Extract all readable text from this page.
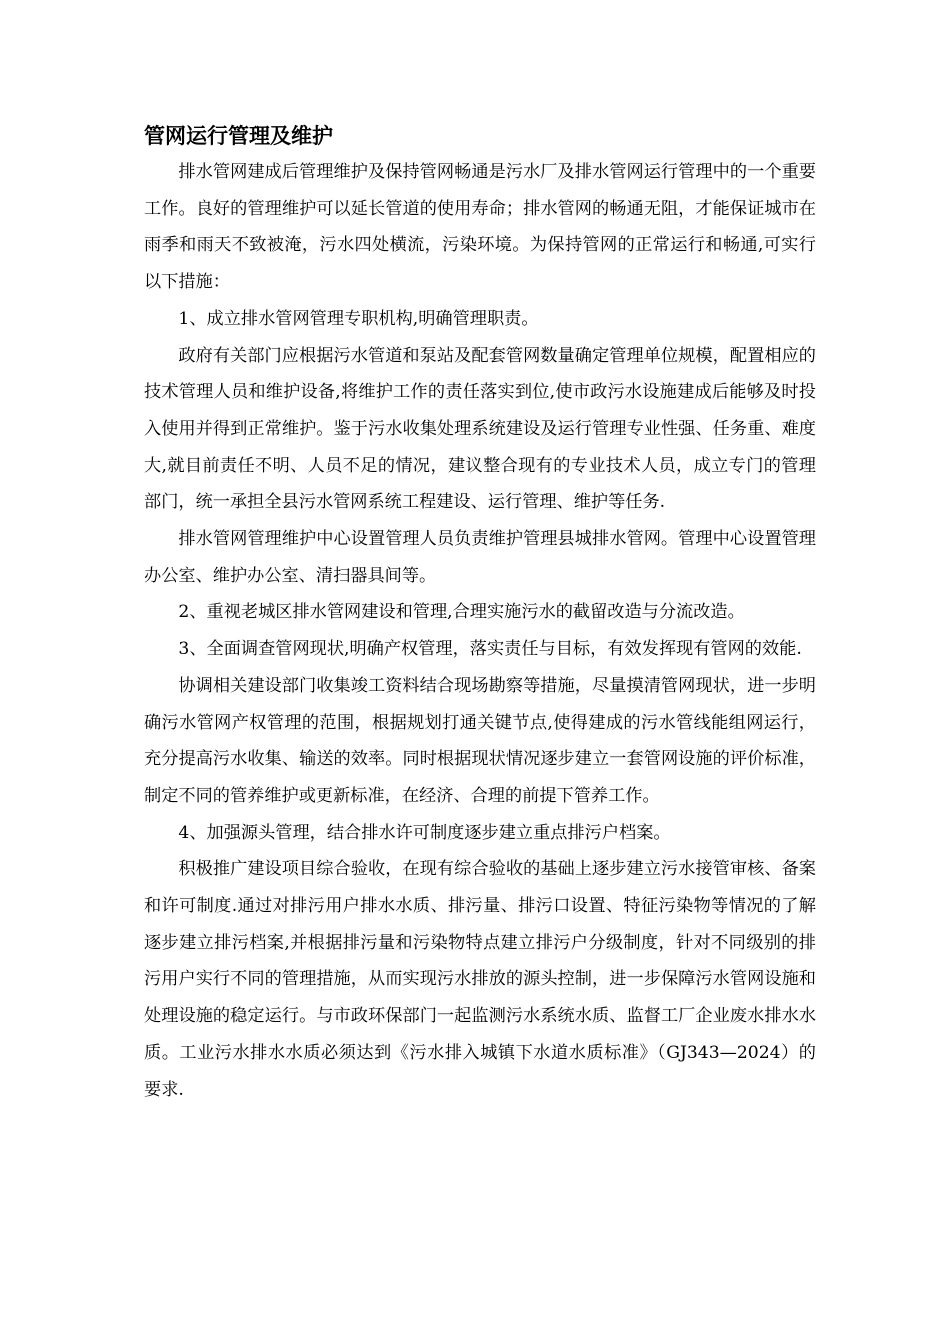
管网运行管理及维护

排水管网建成后管理维护及保持管网畅通是污水厂及排水管网运行管理中的一个重要工作。良好的管理维护可以延长管道的使用寿命；排水管网的畅通无阻，才能保证城市在雨季和雨天不致被淹，污水四处横流，污染环境。为保持管网的正常运行和畅通,可实行以下措施：

1、成立排水管网管理专职机构,明确管理职责。

政府有关部门应根据污水管道和泵站及配套管网数量确定管理单位规模，配置相应的技术管理人员和维护设备,将维护工作的责任落实到位,使市政污水设施建成后能够及时投入使用并得到正常维护。鉴于污水收集处理系统建设及运行管理专业性强、任务重、难度大,就目前责任不明、人员不足的情况，建议整合现有的专业技术人员，成立专门的管理部门，统一承担全县污水管网系统工程建设、运行管理、维护等任务.

排水管网管理维护中心设置管理人员负责维护管理县城排水管网。管理中心设置管理办公室、维护办公室、清扫器具间等。

2、重视老城区排水管网建设和管理,合理实施污水的截留改造与分流改造。

3、全面调查管网现状,明确产权管理，落实责任与目标，有效发挥现有管网的效能.

协调相关建设部门收集竣工资料结合现场勘察等措施，尽量摸清管网现状，进一步明确污水管网产权管理的范围，根据规划打通关键节点,使得建成的污水管线能组网运行，充分提高污水收集、输送的效率。同时根据现状情况逐步建立一套管网设施的评价标准，制定不同的管养维护或更新标准，在经济、合理的前提下管养工作。

4、加强源头管理，结合排水许可制度逐步建立重点排污户档案。

积极推广建设项目综合验收，在现有综合验收的基础上逐步建立污水接管审核、备案和许可制度.通过对排污用户排水水质、排污量、排污口设置、特征污染物等情况的了解逐步建立排污档案,并根据排污量和污染物特点建立排污户分级制度，针对不同级别的排污用户实行不同的管理措施，从而实现污水排放的源头控制，进一步保障污水管网设施和处理设施的稳定运行。与市政环保部门一起监测污水系统水质、监督工厂企业废水排水水质。工业污水排水水质必须达到《污水排入城镇下水道水质标准》（GJ343—2024）的要求.
